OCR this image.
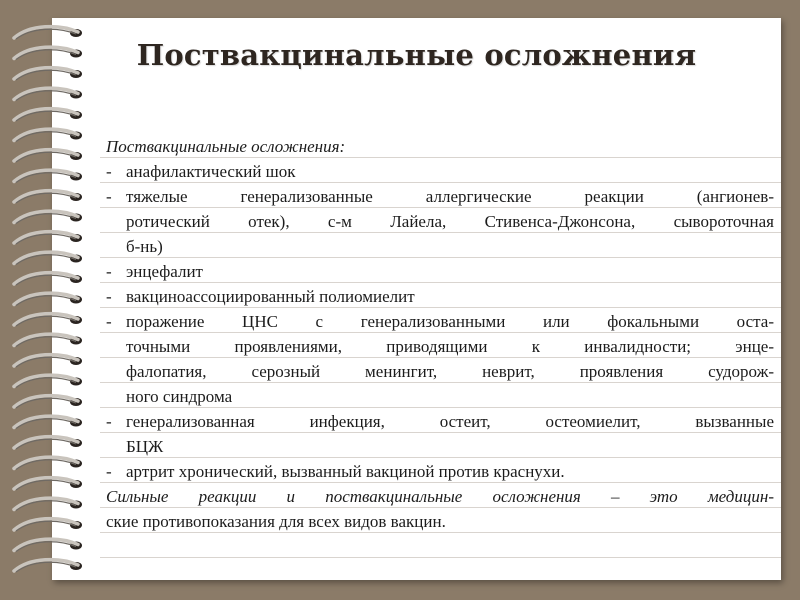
Поствакцинальные осложнения
Поствакцинальные осложнения:
- анафилактический шок
- тяжелые генерализованные аллергические реакции (ангионев-
ротический отек), с-м Лайела, Стивенса-Джонсона, сывороточная
б-нь)
- энцефалит
- вакциноассоциированный полиомиелит
- поражение ЦНС с генерализованными или фокальными оста-
точными проявлениями, приводящими к инвалидности; энце-
фалопатия, серозный менингит, неврит, проявления судорож-
ного синдрома
- генерализованная инфекция, остеит, остеомиелит, вызванные
БЦЖ
- артрит хронический, вызванный вакциной против краснухи.
Сильные реакции и поствакцинальные осложнения – это медицин-
ские противопоказания для всех видов вакцин.
